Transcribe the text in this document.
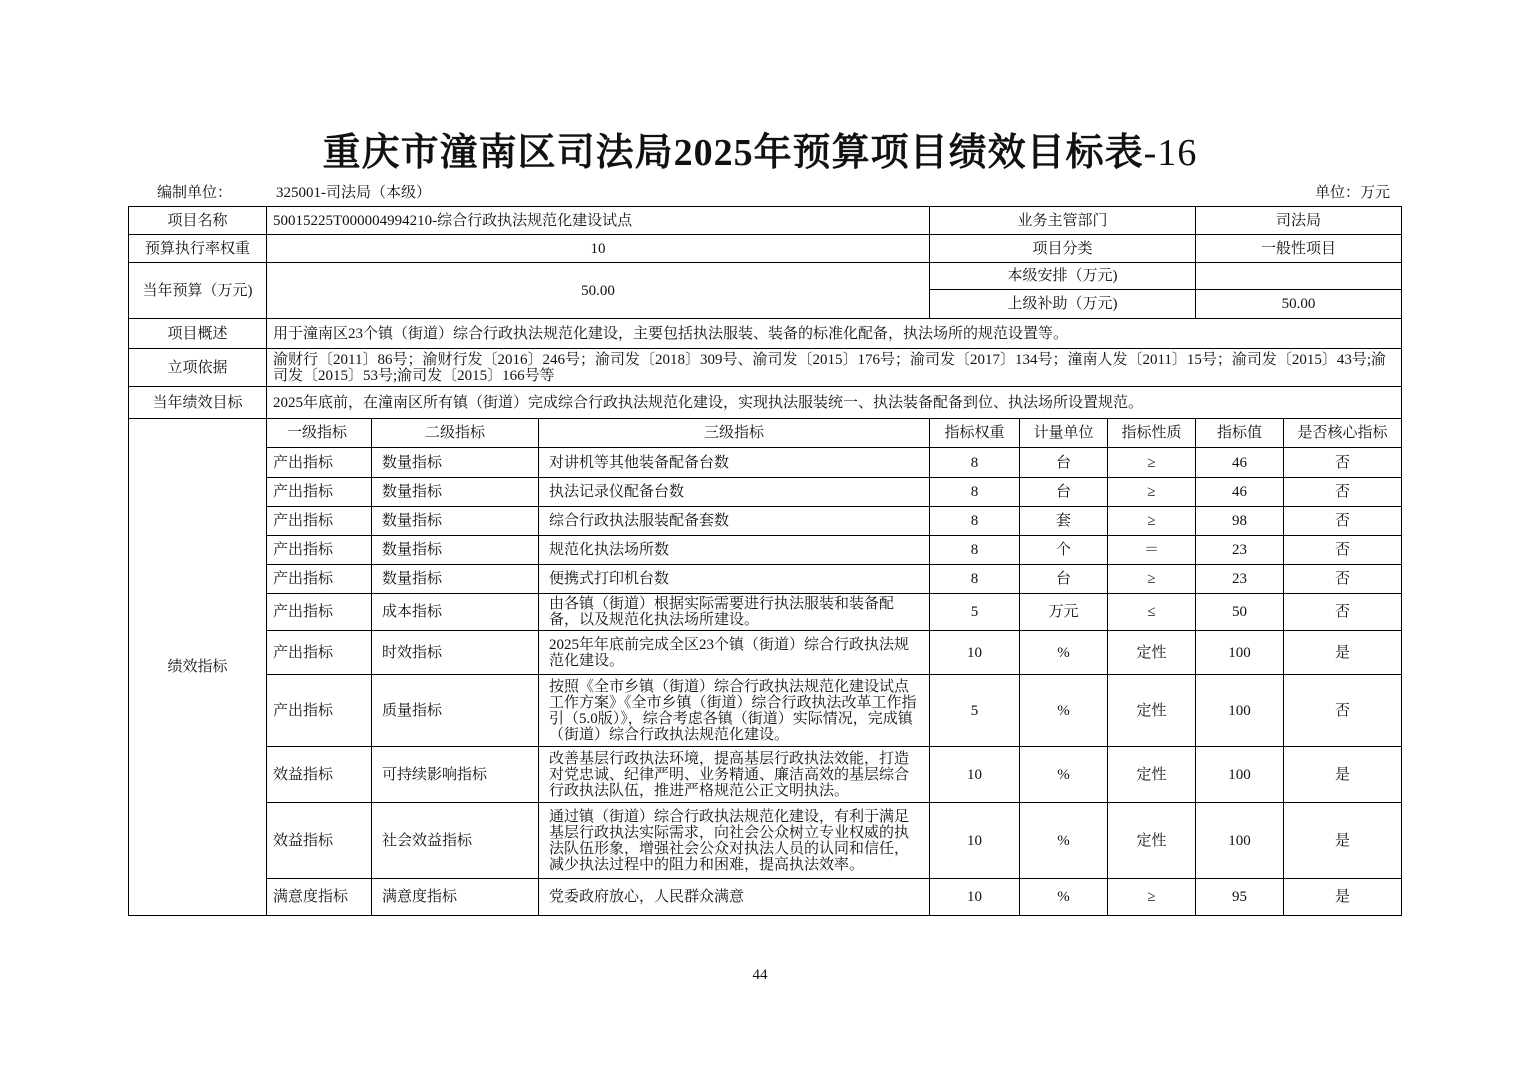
重庆市潼南区司法局2025年预算项目绩效目标表-16
编制单位：	325001-司法局（本级）	单位：万元
项目名称	50015225T000004994210-综合行政执法规范化建设试点			业务主管部门			司法局	
预算执行率权重	10			项目分类			一般性项目	
当年预算（万元)	50.00			本级安排（万元)				
				上级补助（万元)			50.00	
项目概述	用于潼南区23个镇（街道）综合行政执法规范化建设，主要包括执法服装、装备的标准化配备，执法场所的规范设置等。							
立项依据	渝财行〔2011〕86号；渝财行发〔2016〕246号；渝司发〔2018〕309号、渝司发〔2015〕176号；渝司发〔2017〕134号；潼南人发〔2011〕15号；渝司发〔2015〕43号;渝司发〔2015〕53号;渝司发〔2015〕166号等							
当年绩效目标	2025年底前，在潼南区所有镇（街道）完成综合行政执法规范化建设，实现执法服装统一、执法装备配备到位、执法场所设置规范。							
绩效指标	一级指标	二级指标	三级指标	指标权重	计量单位	指标性质	指标值	是否核心指标
	产出指标	数量指标	对讲机等其他装备配备台数	8	台	≥	46	否
	产出指标	数量指标	执法记录仪配备台数	8	台	≥	46	否
	产出指标	数量指标	综合行政执法服装配备套数	8	套	≥	98	否
	产出指标	数量指标	规范化执法场所数	8	个	＝	23	否
	产出指标	数量指标	便携式打印机台数	8	台	≥	23	否
	产出指标	成本指标	由各镇（街道）根据实际需要进行执法服装和装备配备，以及规范化执法场所建设。	5	万元	≤	50	否
	产出指标	时效指标	2025年年底前完成全区23个镇（街道）综合行政执法规范化建设。	10	%	定性	100	是
	产出指标	质量指标	按照《全市乡镇（街道）综合行政执法规范化建设试点工作方案》《全市乡镇（街道）综合行政执法改革工作指引（5.0版）》，综合考虑各镇（街道）实际情况，完成镇（街道）综合行政执法规范化建设。	5	%	定性	100	否
	效益指标	可持续影响指标	改善基层行政执法环境，提高基层行政执法效能，打造对党忠诚、纪律严明、业务精通、廉洁高效的基层综合行政执法队伍，推进严格规范公正文明执法。	10	%	定性	100	是
	效益指标	社会效益指标	通过镇（街道）综合行政执法规范化建设，有利于满足基层行政执法实际需求，向社会公众树立专业权威的执法队伍形象，增强社会公众对执法人员的认同和信任，减少执法过程中的阻力和困难，提高执法效率。	10	%	定性	100	是
	满意度指标	满意度指标	党委政府放心，人民群众满意	10	%	≥	95	是
44
